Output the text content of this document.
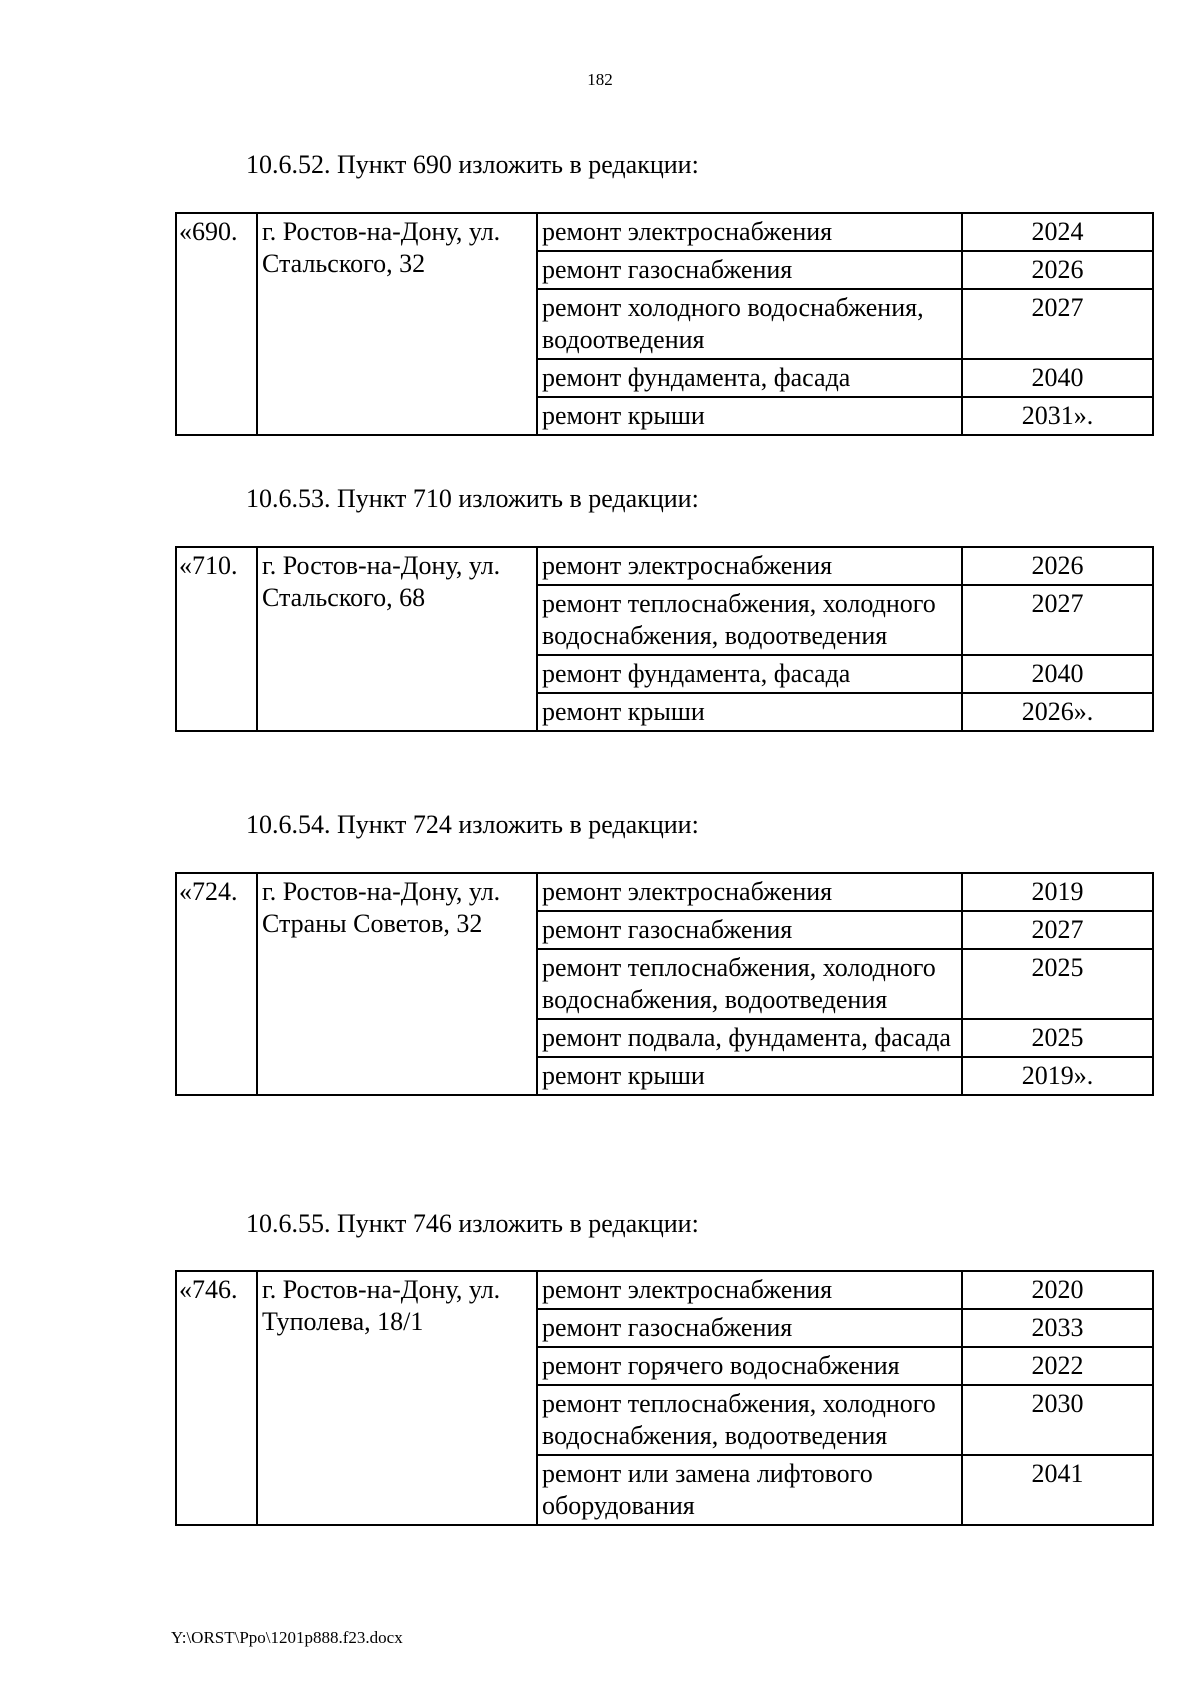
182
10.6.52. Пункт 690 изложить в редакции:
«690.	г. Ростов-на-Дону, ул. Стальского, 32	ремонт электроснабжения	2024
		ремонт газоснабжения	2026
		ремонт холодного водоснабжения, водоотведения	2027
		ремонт фундамента, фасада	2040
		ремонт крыши	2031».
10.6.53. Пункт 710 изложить в редакции:
«710.	г. Ростов-на-Дону, ул. Стальского, 68	ремонт электроснабжения	2026
		ремонт теплоснабжения, холодного водоснабжения, водоотведения	2027
		ремонт фундамента, фасада	2040
		ремонт крыши	2026».
10.6.54. Пункт 724 изложить в редакции:
«724.	г. Ростов-на-Дону, ул. Страны Советов, 32	ремонт электроснабжения	2019
		ремонт газоснабжения	2027
		ремонт теплоснабжения, холодного водоснабжения, водоотведения	2025
		ремонт подвала, фундамента, фасада	2025
		ремонт крыши	2019».
10.6.55. Пункт 746 изложить в редакции:
«746.	г. Ростов-на-Дону, ул. Туполева, 18/1	ремонт электроснабжения	2020
		ремонт газоснабжения	2033
		ремонт горячего водоснабжения	2022
		ремонт теплоснабжения, холодного водоснабжения, водоотведения	2030
		ремонт или замена лифтового оборудования	2041
Y:\ORST\Ppo\1201p888.f23.docx
